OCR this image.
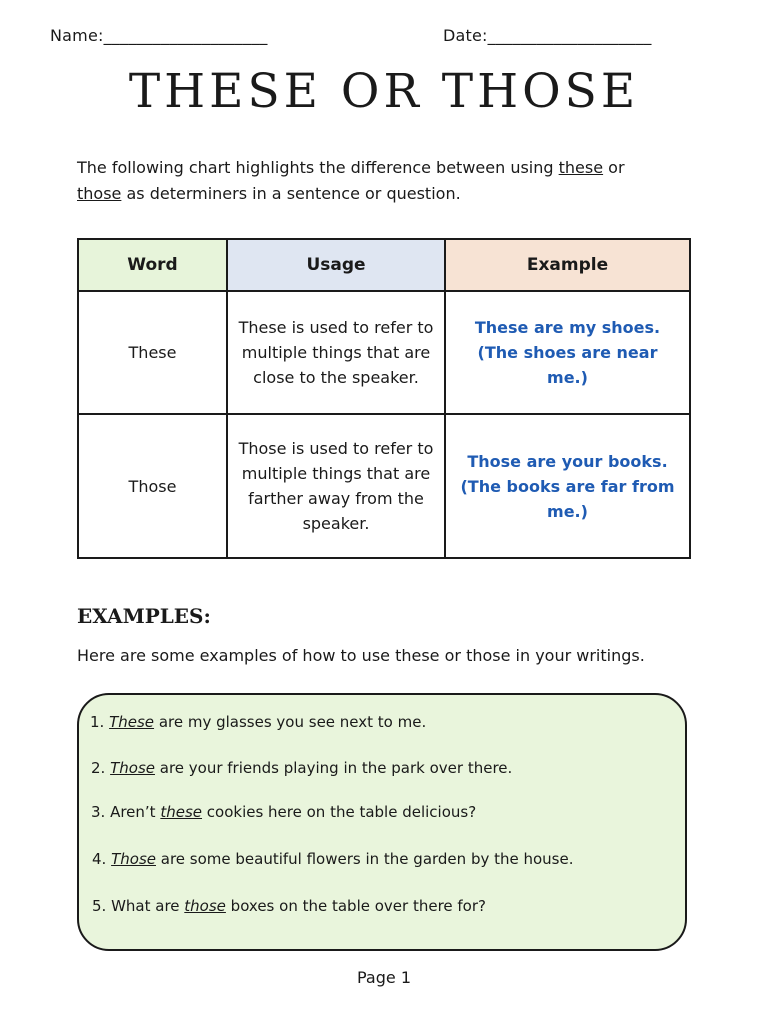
Name:____________________	Date:____________________
THESE OR THOSE

The following chart highlights the difference between using these or
those as determiners in a sentence or question.

Word	Usage	Example
These	These is used to refer to multiple things that are close to the speaker.	These are my shoes. (The shoes are near me.)
Those	Those is used to refer to multiple things that are farther away from the speaker.	Those are your books. (The books are far from me.)
EXAMPLES:

Here are some examples of how to use these or those in your writings.

1. These are my glasses you see next to me.

2. Those are your friends playing in the park over there.

3. Aren’t these cookies here on the table delicious?

4. Those are some beautiful flowers in the garden by the house.

5. What are those boxes on the table over there for?

Page 1
